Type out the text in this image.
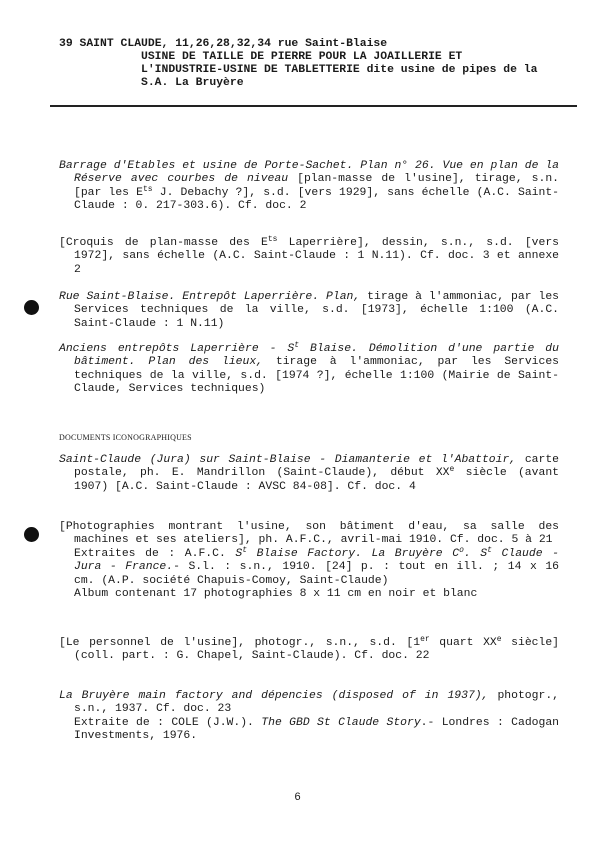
39 SAINT CLAUDE, 11,26,28,32,34 rue Saint-Blaise
USINE DE TAILLE DE PIERRE POUR LA JOAILLERIE ET
L'INDUSTRIE-USINE DE TABLETTERIE dite usine de pipes de la
S.A. La Bruyère

Barrage d'Etables et usine de Porte-Sachet. Plan n° 26. Vue en plan de la Réserve avec courbes de niveau [plan-masse de l'usine], tirage, s.n. [par les $E^{ts}$ J. Debachy ?], s.d. [vers 1929], sans échelle (A.C. Saint-Claude : 0. 217-303.6). Cf. doc. 2

[Croquis de plan-masse des $E^{ts}$ Laperrière], dessin, s.n., s.d. [vers 1972], sans échelle (A.C. Saint-Claude : 1 N.11). Cf. doc. 3 et annexe 2

Rue Saint-Blaise. Entrepôt Laperrière. Plan, tirage à l'ammoniac, par les Services techniques de la ville, s.d. [1973], échelle 1:100 (A.C. Saint-Claude : 1 N.11)

Anciens entrepôts Laperrière - $S^t$ Blaise. Démolition d'une partie du bâtiment. Plan des lieux, tirage à l'ammoniac, par les Services techniques de la ville, s.d. [1974 ?], échelle 1:100 (Mairie de Saint-Claude, Services techniques)

DOCUMENTS ICONOGRAPHIQUES

Saint-Claude (Jura) sur Saint-Blaise - Diamanterie et l'Abattoir, carte postale, ph. E. Mandrillon (Saint-Claude), début XXe siècle (avant 1907) [A.C. Saint-Claude : AVSC 84-08]. Cf. doc. 4

[Photographies montrant l'usine, son bâtiment d'eau, sa salle des machines et ses ateliers], ph. A.F.C., avril-mai 1910. Cf. doc. 5 à 21

Extraites de : A.F.C. $S^t$ Blaise Factory. La Bruyère $C^o$. $S^t$ Claude - Jura - France.- S.l. : s.n., 1910. [24] p. : tout en ill. ; 14 x 16 cm. (A.P. société Chapuis-Comoy, Saint-Claude)

Album contenant 17 photographies 8 x 11 cm en noir et blanc

[Le personnel de l'usine], photogr., s.n., s.d. [1er quart XXe siècle] (coll. part. : G. Chapel, Saint-Claude). Cf. doc. 22

La Bruyère main factory and dépencies (disposed of in 1937), photogr., s.n., 1937. Cf. doc. 23

Extraite de : COLE (J.W.). The GBD St Claude Story.- Londres : Cadogan Investments, 1976.

6
